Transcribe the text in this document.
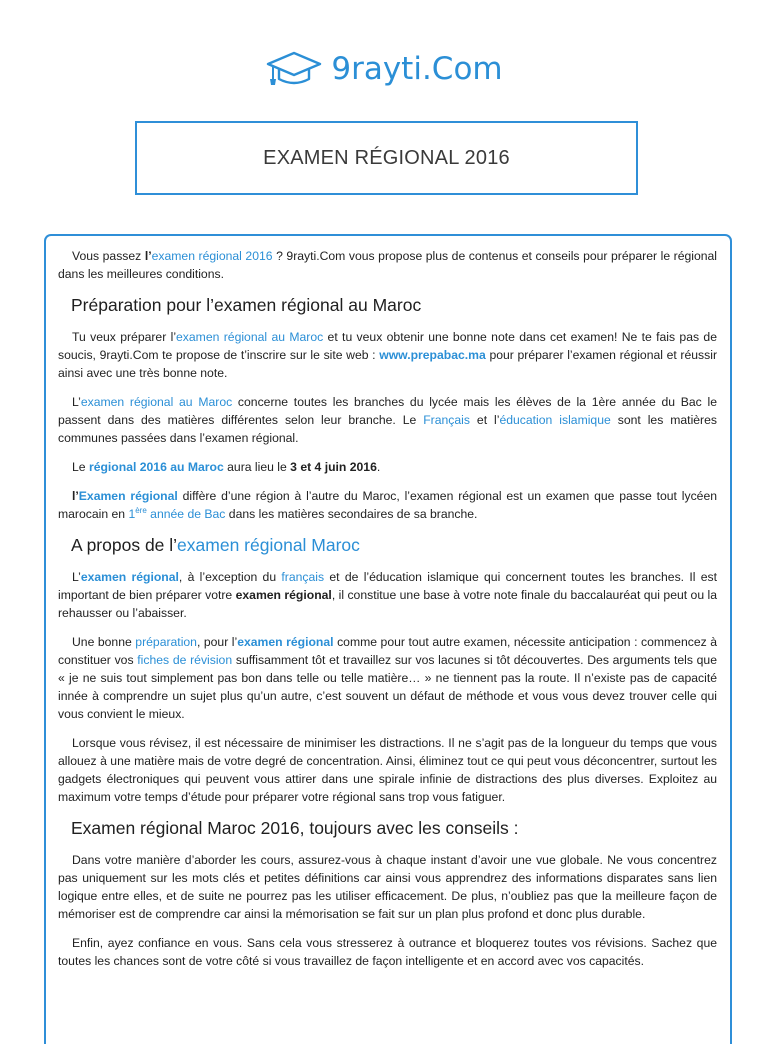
9rayti.Com
EXAMEN RÉGIONAL 2016

Vous passez l’examen régional 2016 ? 9rayti.Com vous propose plus de contenus et conseils pour préparer le régional dans les meilleures conditions.

Préparation pour l’examen régional au Maroc

Tu veux préparer l’examen régional au Maroc et tu veux obtenir une bonne note dans cet examen! Ne te fais pas de soucis, 9rayti.Com te propose de t’inscrire sur le site web : www.prepabac.ma pour préparer l’examen régional et réussir ainsi avec une très bonne note.

L’examen régional au Maroc concerne toutes les branches du lycée mais les élèves de la 1ère année du Bac le passent dans des matières différentes selon leur branche. Le Français et l’éducation islamique sont les matières communes passées dans l’examen régional.

Le régional 2016 au Maroc aura lieu le 3 et 4 juin 2016.

l’Examen régional diffère d’une région à l’autre du Maroc, l’examen régional est un examen que passe tout lycéen marocain en 1ère année de Bac dans les matières secondaires de sa branche.

A propos de l’examen régional Maroc

L’examen régional, à l’exception du français et de l’éducation islamique qui concernent toutes les branches. Il est important de bien préparer votre examen régional, il constitue une base à votre note finale du baccalauréat qui peut ou la rehausser ou l’abaisser.

Une bonne préparation, pour l’examen régional comme pour tout autre examen, nécessite anticipation : commencez à constituer vos fiches de révision suffisamment tôt et travaillez sur vos lacunes si tôt découvertes. Des arguments tels que « je ne suis tout simplement pas bon dans telle ou telle matière… » ne tiennent pas la route. Il n’existe pas de capacité innée à comprendre un sujet plus qu’un autre, c’est souvent un défaut de méthode et vous vous devez trouver celle qui vous convient le mieux.

Lorsque vous révisez, il est nécessaire de minimiser les distractions. Il ne s’agit pas de la longueur du temps que vous allouez à une matière mais de votre degré de concentration. Ainsi, éliminez tout ce qui peut vous déconcentrer, surtout les gadgets électroniques qui peuvent vous attirer dans une spirale infinie de distractions des plus diverses. Exploitez au maximum votre temps d’étude pour préparer votre régional sans trop vous fatiguer.

Examen régional Maroc 2016, toujours avec les conseils :

Dans votre manière d’aborder les cours, assurez-vous à chaque instant d’avoir une vue globale. Ne vous concentrez pas uniquement sur les mots clés et petites définitions car ainsi vous apprendrez des informations disparates sans lien logique entre elles, et de suite ne pourrez pas les utiliser efficacement. De plus, n’oubliez pas que la meilleure façon de mémoriser est de comprendre car ainsi la mémorisation se fait sur un plan plus profond et donc plus durable.

Enfin, ayez confiance en vous. Sans cela vous stresserez à outrance et bloquerez toutes vos révisions. Sachez que toutes les chances sont de votre côté si vous travaillez de façon intelligente et en accord avec vos capacités.
